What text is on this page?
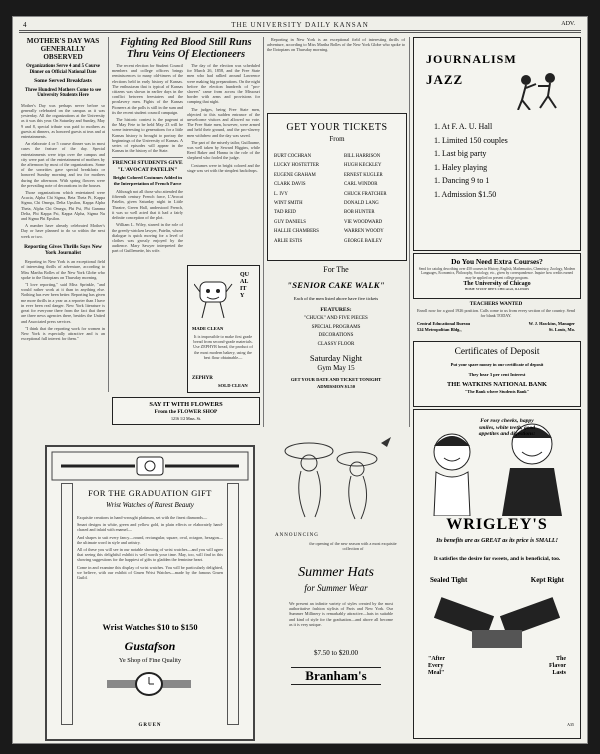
4	THE UNIVERSITY DAILY KANSAN	ADV.
MOTHER'S DAY WAS GENERALLY OBSERVED
Organizations Serve 4 and 5 Course Dinner on Official National Date
Some Served Breakfasts
Three Hundred Mothers Come to see University Students Here
Mother's Day was perhaps never before so generally celebrated on the campus as it was yesterday. All the organizations at the University as it was this year. On Saturday and Sunday, May 9 and 8, special tribute was paid to mothers as guests at dinners, as honored guests at teas and at entertainments.
An elaborate 4 or 5 course dinner was in most cases the feature of the day. Special entertainments were trips over the campus and city were part of the entertainment of mothers by the afternoon by most of the organizations. Some of the sororities gave special breakfasts or honored Sunday morning and tea for mothers during the afternoon. With spring flowers were the prevailing note of decorations in the houses.
Those organizations which entertained were Acacia, Alpha Chi Sigma, Beta Theta Pi, Kappa Sigma, Chi Omega, Delta Upsilon, Kappa Alpha Theta, Alpha Chi Omega, Phi Psi, Phi Gamma Delta, Phi Kappa Psi, Kappa Alpha, Sigma Nu and Sigma Phi Epsilon.
A number have already celebrated Mother's Day or have planned to do so within the next week or two.
Reporting Gives Thrills Says New York Journalist
Reporting in New York is an exceptional field of interesting thrills of adventure, according to Miss Martha Bolles of the New York Globe who spoke to the Ilotopians on Thursday morning.
"I love reporting," said Miss Sprinkle, "and would rather work at it than in anything else. Nothing has ever been better. Reporting has given me more thrills in a year as a reporter than I have in ever been real danger. New York literature is great for everyone there from the fact that there are three news agencies there, besides the United and Associated press services.
"I think that the reporting work for women in New York is especially attractive and is an exceptional full interest for them."
Fighting Red Blood Still Runs Thru Veins Of Electioneers
The recent election for Student Council members and college officers brings reminiscences to many old-timers of the elections held in early history of Kansas. The enthusiasm that is typical of Kansas citizens was shown in earlier days in the conflict between freestaters and the proslavery men. Fights of the Kansas Pioneers at the polls is still in the sum and its the recent student council campaign.
The historic contest is the pageant at the May Fete to be held May 23 will be scene interesting to generations for a little Kansas history is brought to portray the beginnings of the University of Kansas. A series of episodes will appear in the Kansas in the history of the State.
FRENCH STUDENTS GIVE "L'AVOCAT PATELIN"
Bright Colored Costumes Added in the Interpretation of French Farce
Although not all those who attended the fifteenth century French farce, L'Avocat Patelin, given Saturday night in Little Theatre, Green Hall, understood French, it was so well acted that it had a fairly definite conception of the plot.
William L. Wiley, starred in the role of the greedy-stricken lawyer, Patelin, whose dialogue is quick moving for a level of clothes was grossly enjoyed by the audience. Mary Sawyer interpreted the part of Guillemette, his wife.
The day of the election was scheduled for March 26, 1858, and the Free State men who had rallied around Lawrence were making big preparations. On the night before the election hundreds of "pro-slavers" came from across the Missouri border with arms and provisions for camping that night.
The judges, being Free State men, objected to this sudden entrance of the unwelcome visitors and allowed no vote. The Free State men, however, were armed and held their ground, and the pro-slavery men withdrew and the day was saved.
The part of the miserly tailor, Guillaume, was well taken by Seward Higgins, while Reed Baker and Hanna in the role of the shepherd who fooled the judge.
Costumes were in bright colored and the stage was set with the simplest backdrops.
QUALITY
MADE CLEAN
It is impossible to make first grade bread from second-grade materials. Use ZEPHYR bread, the product of the most modern bakery, using the best flour obtainable—
ZEPHYR
SOLD CLEAN
SAY IT WITH FLOWERS
From the FLOWER SHOP
1216 1/2 Mass. St.
Reporting in New York is an exceptional field of interesting thrills of adventure, according to Miss Martha Bolles of the New York Globe who spoke to the Ilotopians on Thursday morning.
GET YOUR TICKETS
From
BURT COCHRAN
LUCKY HOSTETTER
EUGENE GRAHAM
CLARK DAVIS
L. IVY
WINT SMITH
TAD REID
GUY DANIELS
HALLIE CHAMBERS
ARLIE ESTIS
BILL HARRISON
HUGH KECKLEY
ERNEST KUGLER
CARL WINDOR
CHUCK FRATCHER
DONALD LANG
BOB HUNTER
VIE WOODWARD
WARREN WOODY
GEORGE BAILEY
For The
"SENIOR CAKE WALK"
Each of the men listed above have five tickets
FEATURES:
"CHUCK" AND FIVE PIECES
SPECIAL PROGRAMS
DECORATIONS
CLASSY FLOOR
Saturday Night
Gym May 15
GET YOUR DATE AND TICKET TONIGHT
ADMISSION $1.50
JOURNALISM
JAZZ
1. At F. A. U. Hall
1. Limited 150 couples
1. Last big party
1. Haley playing
1. Dancing 9 to 1
1. Admission $1.50
Do You Need Extra Courses?
Send for catalog describing over 450 courses in History, English, Mathematics, Chemistry, Zoology, Modern Languages, Economics, Philosophy, Sociology, etc., given by correspondence. Inquire how credits earned may be applied on present college program.
The University of Chicago
HOME STUDY DEPT. CHICAGO, ILLINOIS
TEACHERS WANTED
Enroll now for a good 1926 position. Calls come to us from every section of the country. Send for blank TODAY.
Central Educational Bureau
524 Metropolitan Bldg.,
W. J. Hawkins, Manager
St. Louis, Mo.
Certificates of Deposit
Put your spare money in our certificate of deposit
They bear 3 per cent Interest
THE WATKINS NATIONAL BANK
"The Bank where Students Bank"
FOR THE GRADUATION GIFT
Wrist Watches of Rarest Beauty
Exquisite creations in hand-wrought platinum, set with the finest diamonds—
Smart designs in white, green and yellow gold, in plain effects or elaborately hand-chased and inlaid with enamel—
And shapes to suit every fancy—round, rectangular, square, oval, octagon, hexagon—the ultimate word in style and artistry.
All of these you will see in our notable showing of wrist watches—and you will agree that seeing this delightful exhibit is well worth your time. May, too, will find in this showing suggestions for the happiest of gifts to gladden the feminine heart.
Come in and examine this display of wrist watches. You will be particularly delighted, we believe, with our exhibit of Gruen Wrist Watches—made by the famous Gruen Guild.
Wrist Watches $10 to $150
Gustafson
Ye Shop of Fine Quality
GRUEN
ANNOUNCING
the opening of the new season with a most exquisite collection of
Summer Hats
for Summer Wear
We present an infinite variety of styles created by the most authoritative fashion stylists of Paris and New York. Our Summer Millinery is remarkably attractive—hats in suitable and kind of style for the graduation—and above all become as it is very unique.
$7.50 to $20.00
Branham's
For rosy cheeks, happy smiles, white teeth, good appetites and digestions:
WRIGLEY'S
Its benefits are as GREAT as its price is SMALL!
It satisfies the desire for sweets, and is beneficial, too.
Sealed Tight	Kept Right
"After
Every
Meal"
The
Flavor
Lasts
A35
